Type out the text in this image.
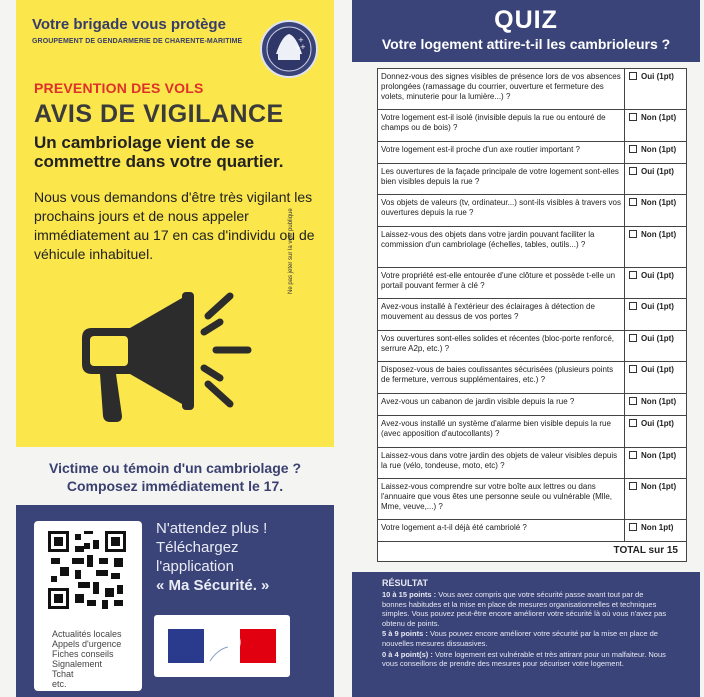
Votre brigade vous protège
GROUPEMENT DE GENDARMERIE DE CHARENTE-MARITIME	+
+
+
PREVENTION DES VOLS
AVIS DE VIGILANCE
Un cambriolage vient de se commettre dans votre quartier.
Nous vous demandons d'être très vigilant les prochains jours et de nous appeler immédiatement au 17 en cas d'individu ou de véhicule inhabituel.	Ne pas jeter sur la voie publique
Victime ou témoin d'un cambriolage ?
Composez immédiatement le 17.
Actualités locales
Appels d'urgence
Fiches conseils
Signalement
Tchat
etc.
N'attendez plus !
Téléchargez
l'application
« Ma Sécurité. »
QUIZ
Votre logement attire-t-il les cambrioleurs ?
Donnez-vous des signes visibles de présence lors de vos absences prolongées (ramassage du courrier, ouverture et fermeture des volets, minuterie pour la lumière...) ?	Oui (1pt)
Votre logement est-il isolé (invisible depuis la rue ou entouré de champs ou de bois) ?	Non (1pt)
Votre logement est-il proche d'un axe routier important ?	Non (1pt)
Les ouvertures de la façade principale de votre logement sont-elles bien visibles depuis la rue ?	Oui (1pt)
Vos objets de valeurs (tv, ordinateur...) sont-ils visibles à travers vos ouvertures depuis la rue ?	Non (1pt)
Laissez-vous des objets dans votre jardin pouvant faciliter la commission d'un cambriolage (échelles, tables, outils...) ?	Non (1pt)
Votre propriété est-elle entourée d'une clôture et possède t-elle un portail pouvant fermer à clé ?	Oui (1pt)
Avez-vous installé à l'extérieur des éclairages à détection de mouvement au dessus de vos portes ?	Oui (1pt)
Vos ouvertures sont-elles solides et récentes (bloc-porte renforcé, serrure A2p, etc.) ?	Oui (1pt)
Disposez-vous de baies coulissantes sécurisées (plusieurs points de fermeture, verrous supplémentaires, etc.) ?	Oui (1pt)
Avez-vous un cabanon de jardin visible depuis la rue ?	Non (1pt)
Avez-vous installé un système d'alarme bien visible depuis la rue (avec apposition d'autocollants) ?	Oui (1pt)
Laissez-vous dans votre jardin des objets de valeur visibles depuis la rue (vélo, tondeuse, moto, etc) ?	Non (1pt)
Laissez-vous comprendre sur votre boîte aux lettres ou dans l'annuaire que vous êtes une personne seule ou vulnérable (Mlle, Mme, veuve,...) ?	Non (1pt)
Votre logement a-t-il déjà été cambriolé ?	Non 1pt)
TOTAL sur 15	
RÉSULTAT
10 à 15 points : Vous avez compris que votre sécurité passe avant tout par de bonnes habitudes et la mise en place de mesures organisationnelles et techniques simples. Vous pouvez peut-être encore améliorer votre sécurité là où vous n'avez pas obtenu de points.
5 à 9 points : Vous pouvez encore améliorer votre sécurité par la mise en place de nouvelles mesures dissuasives.
0 à 4 point(s) : Votre logement est vulnérable et très attirant pour un malfaiteur. Nous vous conseillons de prendre des mesures pour sécuriser votre logement.
